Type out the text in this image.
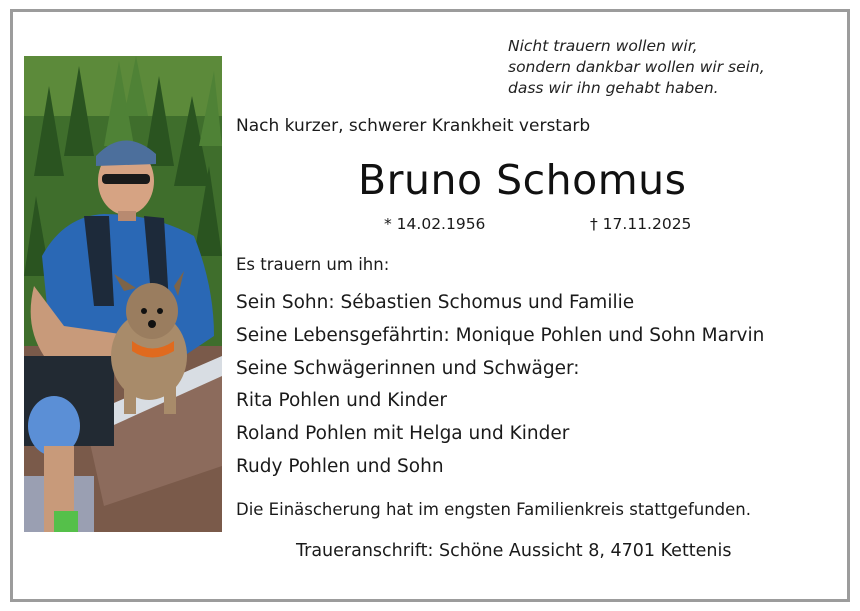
Nicht trauern wollen wir,
sondern dankbar wollen wir sein,
dass wir ihn gehabt haben.
Nach kurzer, schwerer Krankheit verstarb
Bruno Schomus
* 14.02.1956	† 17.11.2025
Es trauern um ihn:
Sein Sohn: Sébastien Schomus und Familie
Seine Lebensgefährtin: Monique Pohlen und Sohn Marvin
Seine Schwägerinnen und Schwäger:
Rita Pohlen und Kinder
Roland Pohlen mit Helga und Kinder
Rudy Pohlen und Sohn
Die Einäscherung hat im engsten Familienkreis stattgefunden.
Traueranschrift: Schöne Aussicht 8, 4701 Kettenis
